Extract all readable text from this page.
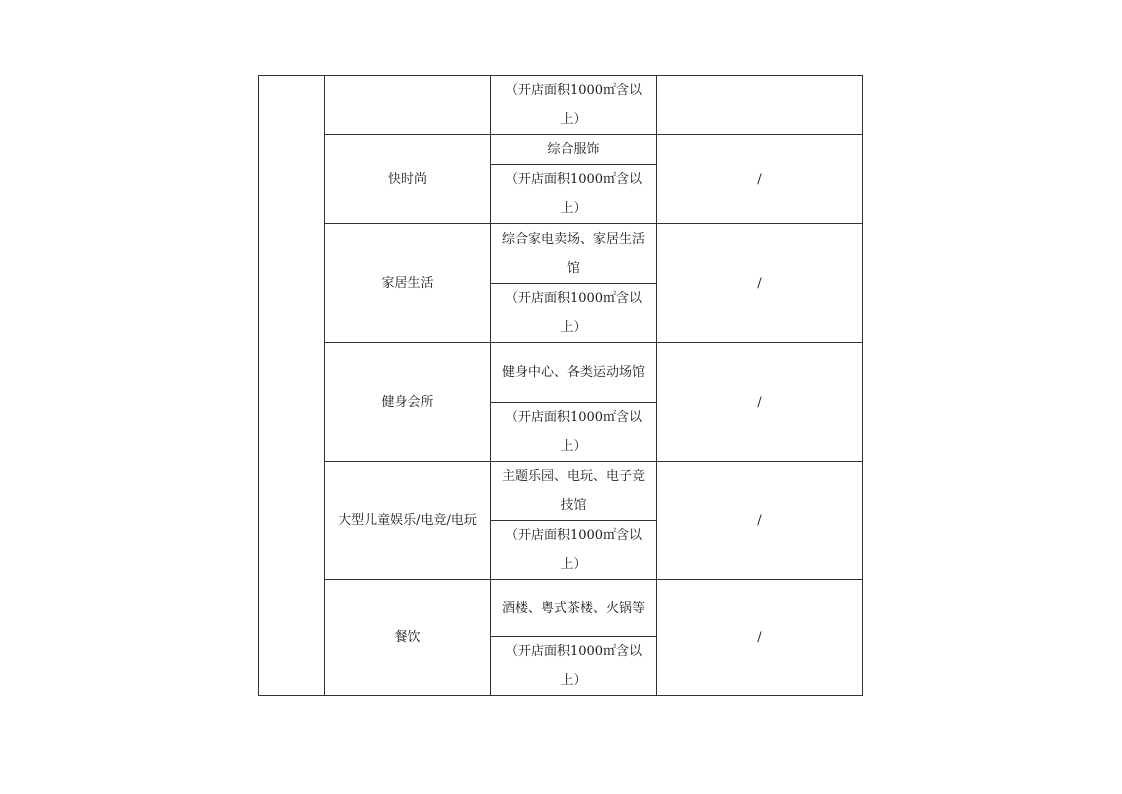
		（开店面积1000㎡含以上）	
	快时尚	综合服饰	/
		（开店面积1000㎡含以上）	
	家居生活	综合家电卖场、家居生活馆	/
		（开店面积1000㎡含以上）	
	健身会所	健身中心、各类运动场馆	/
		（开店面积1000㎡含以上）	
	大型儿童娱乐/电竞/电玩	主题乐园、电玩、电子竞技馆	/
		（开店面积1000㎡含以上）	
	餐饮	酒楼、粤式茶楼、火锅等	/
		（开店面积1000㎡含以上）	
